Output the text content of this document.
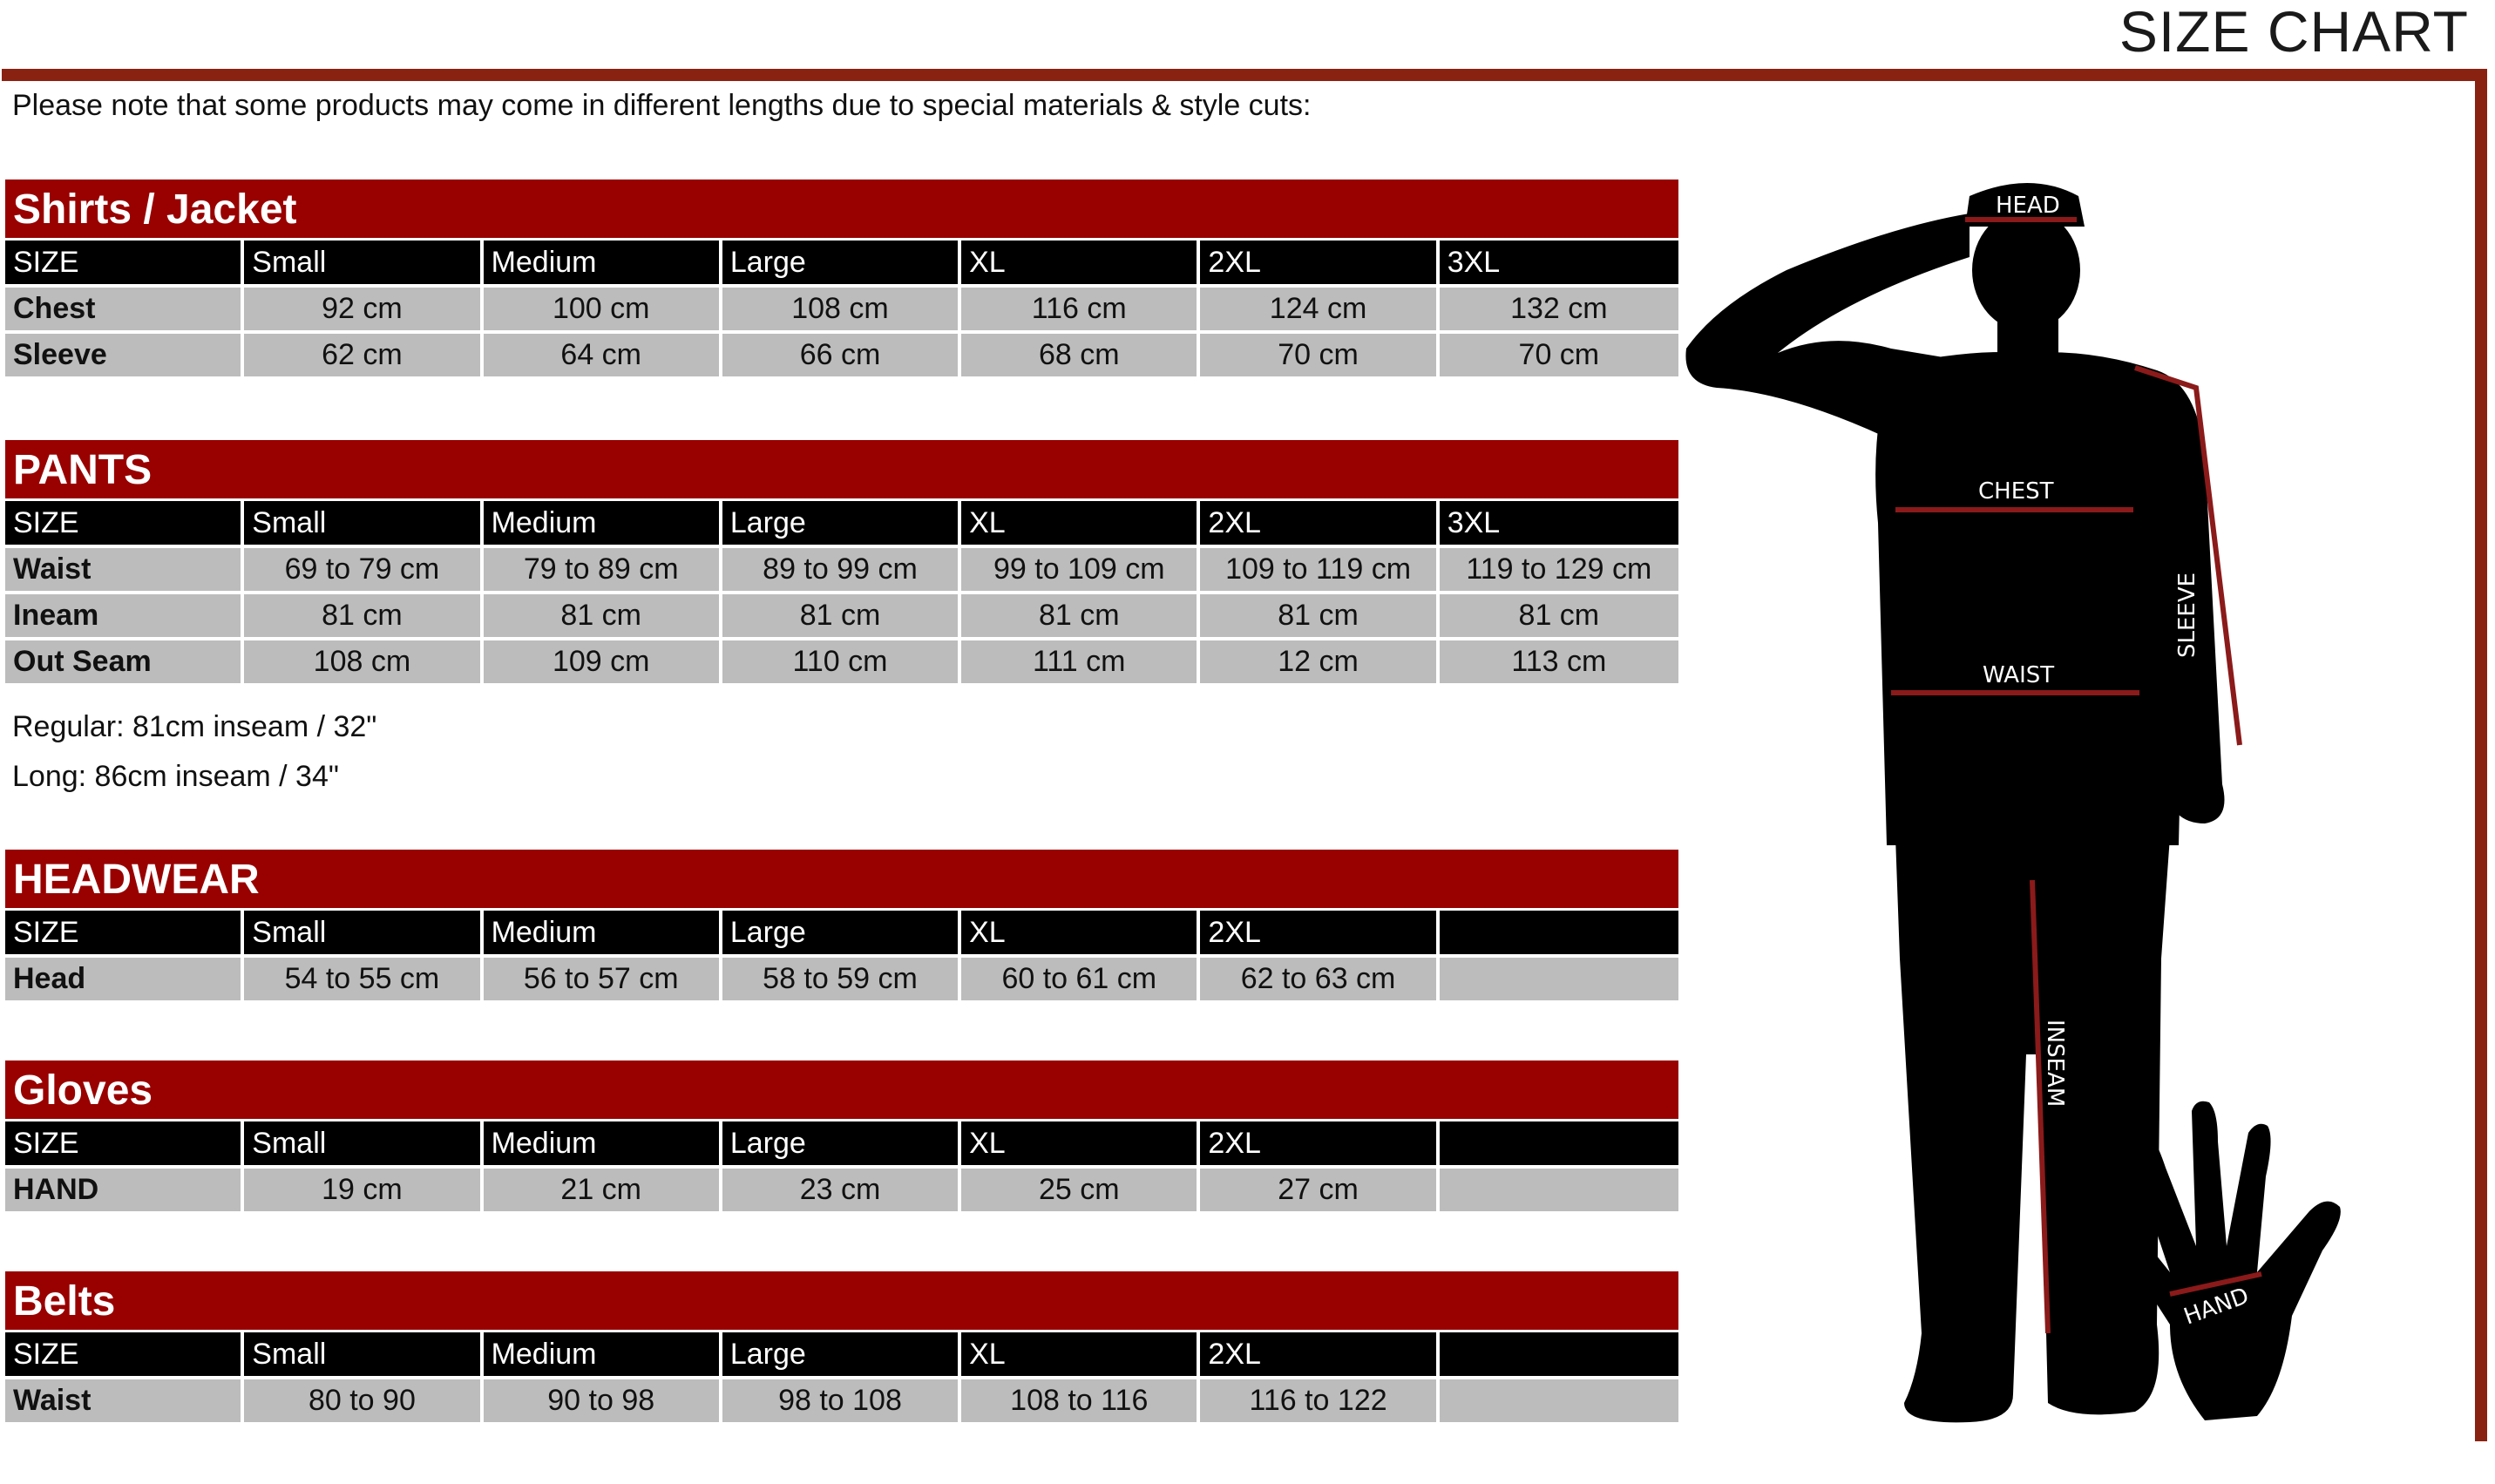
SIZE CHART
Please note that some products may come in different lengths due to special materials & style cuts:
Shirts / Jacket
SIZE	Small	Medium	Large	XL	2XL	3XL
Chest	92 cm	100 cm	108 cm	116 cm	124 cm	132 cm
Sleeve	62 cm	64 cm	66 cm	68 cm	70 cm	70 cm
PANTS
SIZE	Small	Medium	Large	XL	2XL	3XL
Waist	69 to 79 cm	79 to 89 cm	89 to 99 cm	99 to 109 cm	109 to 119 cm	119 to 129 cm
Ineam	81 cm	81 cm	81 cm	81 cm	81 cm	81 cm
Out Seam	108 cm	109 cm	110 cm	111 cm	12 cm	113 cm
Regular: 81cm inseam / 32"
Long: 86cm inseam / 34"
HEADWEAR
SIZE	Small	Medium	Large	XL	2XL	
Head	54 to 55 cm	56 to 57 cm	58 to 59 cm	60 to 61 cm	62 to 63 cm	
Gloves
SIZE	Small	Medium	Large	XL	2XL	
HAND	19 cm	21 cm	23 cm	25 cm	27 cm	
Belts
SIZE	Small	Medium	Large	XL	2XL	
Waist	80 to 90	90 to 98	98 to 108	108 to 116	116 to 122	
HEAD
CHEST
WAIST
SLEEVE
INSEAM
HAND
